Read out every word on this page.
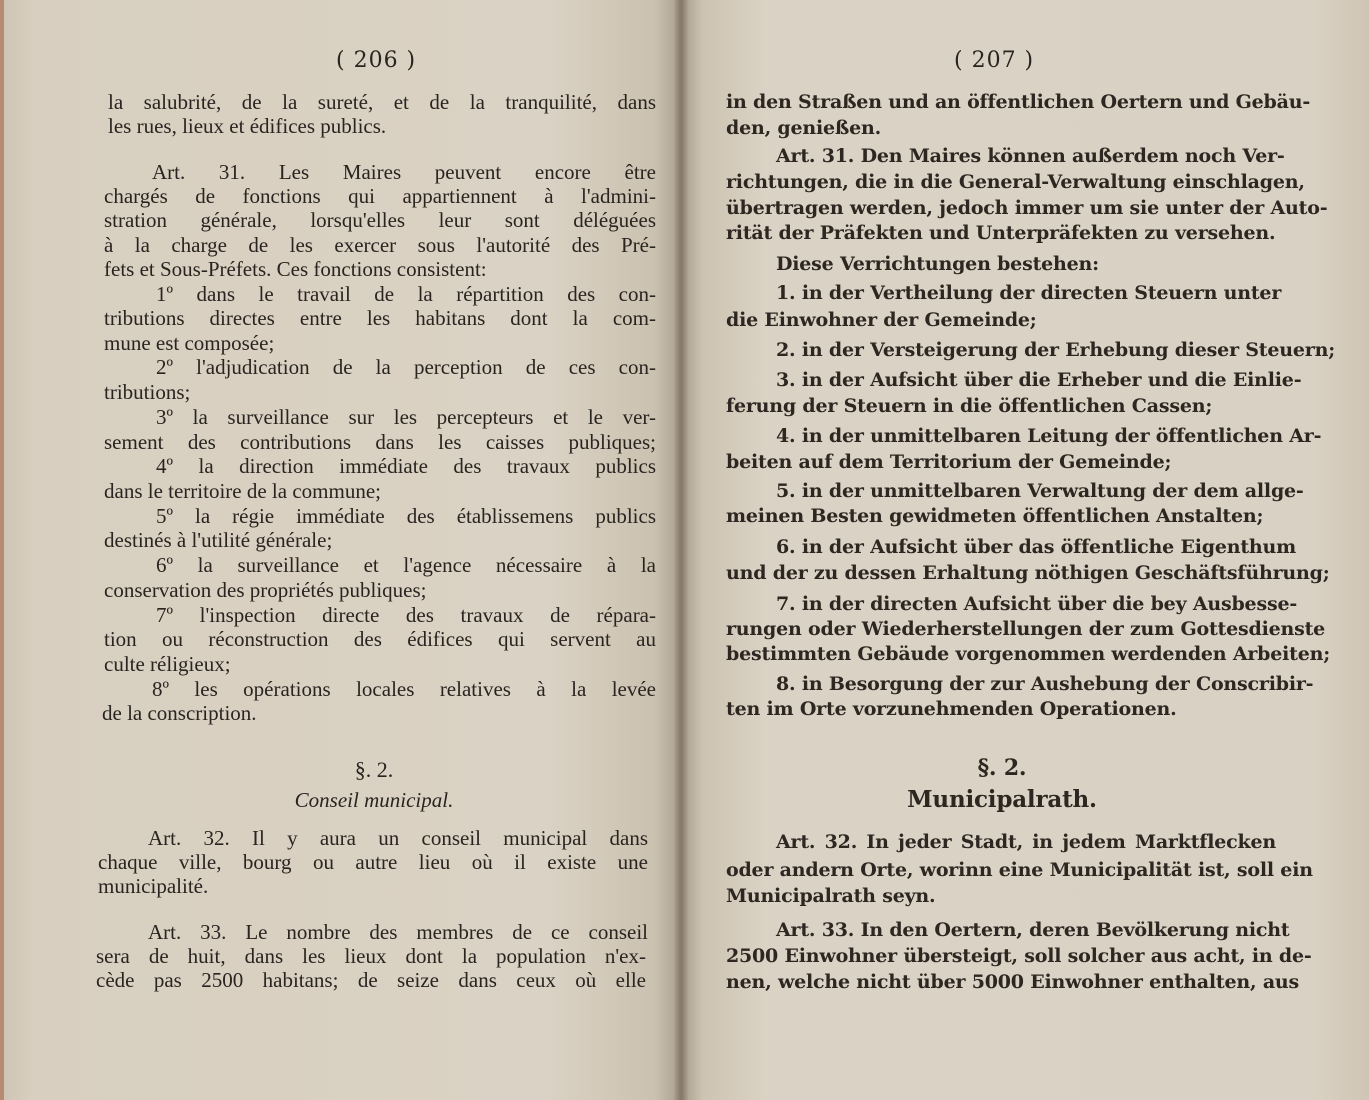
( 206 )
la salubrité, de la sureté, et de la tranquilité, dans
les rues, lieux et édifices publics.
Art. 31. Les Maires peuvent encore être
chargés de fonctions qui appartiennent à l'admini-
stration générale, lorsqu'elles leur sont déléguées
à la charge de les exercer sous l'autorité des Pré-
fets et Sous-Préfets. Ces fonctions consistent:
1º dans le travail de la répartition des con-
tributions directes entre les habitans dont la com-
mune est composée;
2º l'adjudication de la perception de ces con-
tributions;
3º la surveillance sur les percepteurs et le ver-
sement des contributions dans les caisses publiques;
4º la direction immédiate des travaux publics
dans le territoire de la commune;
5º la régie immédiate des établissemens publics
destinés à l'utilité générale;
6º la surveillance et l'agence nécessaire à la
conservation des propriétés publiques;
7º l'inspection directe des travaux de répara-
tion ou réconstruction des édifices qui servent au
culte réligieux;
8º les opérations locales relatives à la levée
de la conscription.
§. 2.
Conseil municipal.
Art. 32. Il y aura un conseil municipal dans
chaque ville, bourg ou autre lieu où il existe une
municipalité.
Art. 33. Le nombre des membres de ce conseil
sera de huit, dans les lieux dont la population n'ex-
cède pas 2500 habitans; de seize dans ceux où elle
( 207 )
in den Straßen und an öffentlichen Oertern und Gebäu-
den, genießen.
Art. 31. Den Maires können außerdem noch Ver-
richtungen, die in die General-Verwaltung einschlagen,
übertragen werden, jedoch immer um sie unter der Auto-
rität der Präfekten und Unterpräfekten zu versehen.
Diese Verrichtungen bestehen:
1. in der Vertheilung der directen Steuern unter
die Einwohner der Gemeinde;
2. in der Versteigerung der Erhebung dieser Steuern;
3. in der Aufsicht über die Erheber und die Einlie-
ferung der Steuern in die öffentlichen Cassen;
4. in der unmittelbaren Leitung der öffentlichen Ar-
beiten auf dem Territorium der Gemeinde;
5. in der unmittelbaren Verwaltung der dem allge-
meinen Besten gewidmeten öffentlichen Anstalten;
6. in der Aufsicht über das öffentliche Eigenthum
und der zu dessen Erhaltung nöthigen Geschäftsführung;
7. in der directen Aufsicht über die bey Ausbesse-
rungen oder Wiederherstellungen der zum Gottesdienste
bestimmten Gebäude vorgenommen werdenden Arbeiten;
8. in Besorgung der zur Aushebung der Conscribir-
ten im Orte vorzunehmenden Operationen.
§. 2.
Municipalrath.
Art. 32. In jeder Stadt, in jedem Marktflecken
oder andern Orte, worinn eine Municipalität ist, soll ein
Municipalrath seyn.
Art. 33. In den Oertern, deren Bevölkerung nicht
2500 Einwohner übersteigt, soll solcher aus acht, in de-
nen, welche nicht über 5000 Einwohner enthalten, aus
